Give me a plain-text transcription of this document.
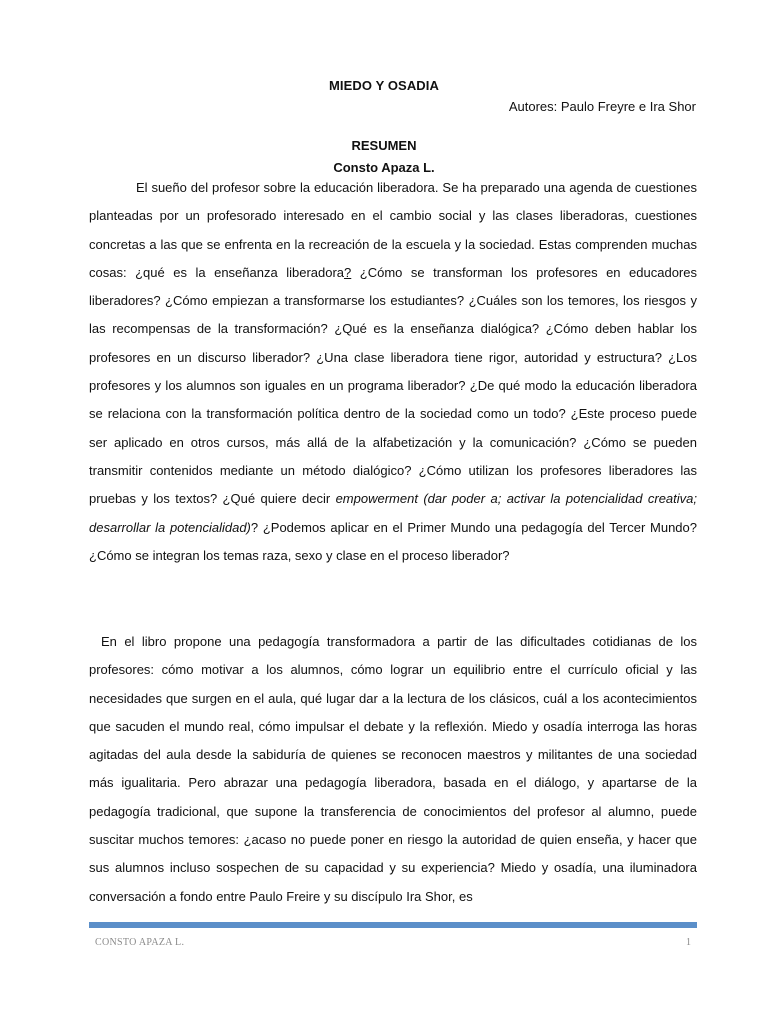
MIEDO Y OSADIA
Autores: Paulo Freyre e Ira Shor
RESUMEN
Consto Apaza L.

El sueño del profesor sobre la educación liberadora. Se ha preparado una agenda de cuestiones planteadas por un profesorado interesado en el cambio social y las clases liberadoras, cuestiones concretas a las que se enfrenta en la recreación de la escuela y la sociedad. Estas comprenden muchas cosas: ¿qué es la enseñanza liberadora? ¿Cómo se transforman los profesores en educadores liberadores? ¿Cómo empiezan a transformarse los estudiantes? ¿Cuáles son los temores, los riesgos y las recompensas de la transformación? ¿Qué es la enseñanza dialógica? ¿Cómo deben hablar los profesores en un discurso liberador? ¿Una clase liberadora tiene rigor, autoridad y estructura? ¿Los profesores y los alumnos son iguales en un programa liberador? ¿De qué modo la educación liberadora se relaciona con la transformación política dentro de la sociedad como un todo? ¿Este proceso puede ser aplicado en otros cursos, más allá de la alfabetización y la comunicación? ¿Cómo se pueden transmitir contenidos mediante un método dialógico? ¿Cómo utilizan los profesores liberadores las pruebas y los textos? ¿Qué quiere decir empowerment (dar poder a; activar la potencialidad creativa; desarrollar la potencialidad)? ¿Podemos aplicar en el Primer Mundo una pedagogía del Tercer Mundo? ¿Cómo se integran los temas raza, sexo y clase en el proceso liberador?

En el libro propone una pedagogía transformadora a partir de las dificultades cotidianas de los profesores: cómo motivar a los alumnos, cómo lograr un equilibrio entre el currículo oficial y las necesidades que surgen en el aula, qué lugar dar a la lectura de los clásicos, cuál a los acontecimientos que sacuden el mundo real, cómo impulsar el debate y la reflexión. Miedo y osadía interroga las horas agitadas del aula desde la sabiduría de quienes se reconocen maestros y militantes de una sociedad más igualitaria. Pero abrazar una pedagogía liberadora, basada en el diálogo, y apartarse de la pedagogía tradicional, que supone la transferencia de conocimientos del profesor al alumno, puede suscitar muchos temores: ¿acaso no puede poner en riesgo la autoridad de quien enseña, y hacer que sus alumnos incluso sospechen de su capacidad y su experiencia? Miedo y osadía, una iluminadora conversación a fondo entre Paulo Freire y su discípulo Ira Shor, es

CONSTO APAZA L.	1
